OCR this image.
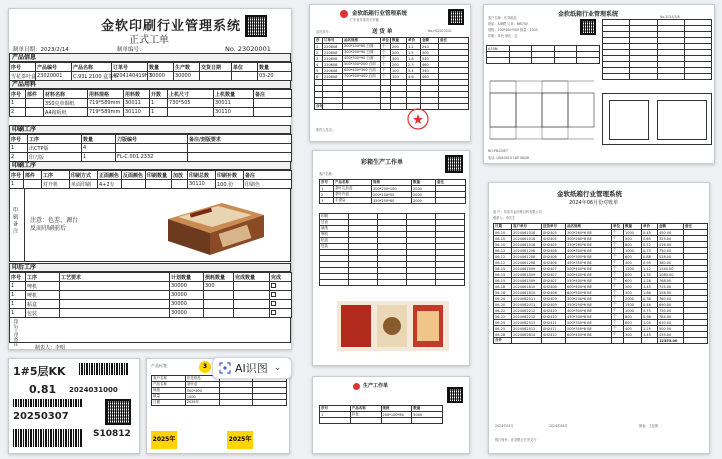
金软印刷行业管理系统
正式工单
制单日期：2023/2/14	制单编号：	No. 23020001
产品信息
序号	产品编号	产品名称	订单号	数量	生产数	交货日期	单位	数量
雪花茶叶盒	23020001	C.93L 2100 盒茶草	4204140419HT	30000	30000			03-20
产品用料
序号	部件	材料名称	用料规格	用料数	开数	上机尺寸	上机数量	备注
1		350克单铜纸	719*589mm	30011	1	730*505	30011	
2		A4箱板纸	719*589mm	30110	1		30110	
印刷工序
序号	工序	数量	刀版编号	备注/刻版要求
1	出CTP版	4		
2	印刀版	1	FL-C.001.2332	
印刷工序
序号	部件	工序	印刷方式	正面颜色	反面颜色	印刷数量	加放	印刷总数	印刷补数	备注
1		对开机	单面印刷	4+2专				30110	100.份	印刷色
印刷备注 注意：色差、调台
反而印刷前后
印后工序
序号	工序	工艺要求	计划数量	损耗数量	完成数量	完成
1	啤机		30000	300		
1	啤机		30000			
1	粘盒		30000			
1	包装		30000			
印后工序备注
制表人：李明
金软纸箱行业管理系统
广东省东莞市长安镇
送 货 单
送货单号：	No.HS2023001
序	订单号	品名规格	单位	数量	单价	金额	备注
1	220608	200*100*80 白面	个	200	1.2	240	
2	220608	300*200*90 白面	个	200	1.5	300	
3	220608	400*300*90 白面	个	300	1.8	540	
4	220608	500*300*200 白面	个	200	2.3	460	
5	220608	600*400*300 白面	个	100	3.4	340	
6	220608	700*500*400 白面	个	100	4.6	460	

合计							
收货人签名：
金软纸箱行业管理系统	No.2024/5/8
客户名称：东莞纸品
纸质：A/B楞 订单：MB75V
规格：500*400*300 数量：1000
印刷：单色 颜色：红
A70N				

NO:PB-DUET
电话: LINX0019 18P 08/06
彩箱生产工作单
客户名称：
序号	产品名称	规格	数量	备注
1	茶叶礼品盒	300*200*100	2000	
2	茶叶内盒	200*100*50	2000	
3	手提袋	350*250*80	2000	
印刷				
过油				
裱纸				
啤机				
粘盒				
包装				

生产工作单
序号	产品名称	规格	数量
1	彩盒	200*100*80	5000

金软纸箱行业管理系统
2024年06月份对账单
客 户：东莞市金纤维百科有限公司
联系人：李先生
日期	客户单号	送货单号	品名规格	单位	数量	单价	金额	备注
06-10	2024061018	SH2405	300*260*6 BE	个	1000	0.45	450.00	
06-10	2024061018	SH2405	300*260*8 BE	个	500	0.65	325.00	
06-10	2024061018	SH2405	350*260*6 BE	个	800	0.52	416.00	
06-12	2024061208	SH2406	400*300*6 BE	个	1000	0.75	750.00	
06-12	2024061208	SH2406	400*300*8 BE	个	600	0.88	528.00	
06-12	2024061208	SH2406	450*350*6 BE	个	400	0.95	380.00	
06-15	2024061509	SH2407	500*400*6 BE	个	1200	1.12	1344.00	
06-15	2024061509	SH2407	500*400*8 BE	个	800	1.35	1080.00	
06-15	2024061509	SH2407	550*400*6 BE	个	600	1.28	768.00	
06-18	2024061810	SH2408	600*400*6 BE	个	500	1.45	725.00	
06-18	2024061810	SH2408	600*500*8 BE	个	300	1.86	558.00	
06-20	2024062011	SH2409	300*200*6 BE	个	2000	0.38	760.00	
06-20	2024062011	SH2409	350*250*6 BE	个	1500	0.46	690.00	
06-22	2024062212	SH2410	400*300*6 BE	个	1000	0.75	750.00	
06-22	2024062212	SH2410	450*300*8 BE	个	800	0.98	784.00	
06-25	2024062513	SH2411	500*350*6 BE	个	600	1.05	630.00	
06-25	2024062513	SH2411	500*350*8 BE	个	400	1.25	500.00	
06-28	2024062814	SH2412	600*400*6 BE	个	300	1.45	435.00	
合计							12353.00	
2024年05月	2024年06月	制表：王经理
银行账号：东莞银行长安支行
1#5层KK
0.81 2024031000
20250307
S10812
产品标签	3
客户名称	东莞纸品		
产品名称	茶叶盒		
规格	500*400		
数量	1000		
日期	2025年		
2025年	2025年
AI识图 ⌄
